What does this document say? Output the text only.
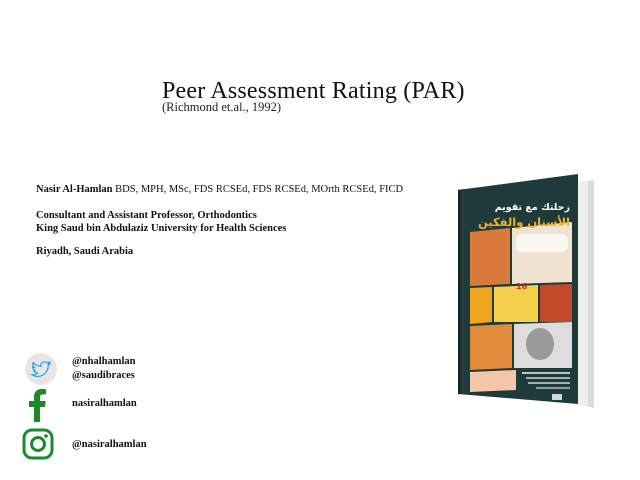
Peer Assessment Rating (PAR)
(Richmond et.al., 1992)
Nasir Al-Hamlan BDS, MPH, MSc, FDS RCSEd, FDS RCSEd, MOrth RCSEd, FICD
Consultant and Assistant Professor, Orthodontics
King Saud bin Abdulaziz University for Health Sciences
Riyadh, Saudi Arabia
@nhalhamlan
@saudibraces
nasiralhamlan
@nasiralhamlan
رحلتك مع تقويم
الأسنان والفكين
16
